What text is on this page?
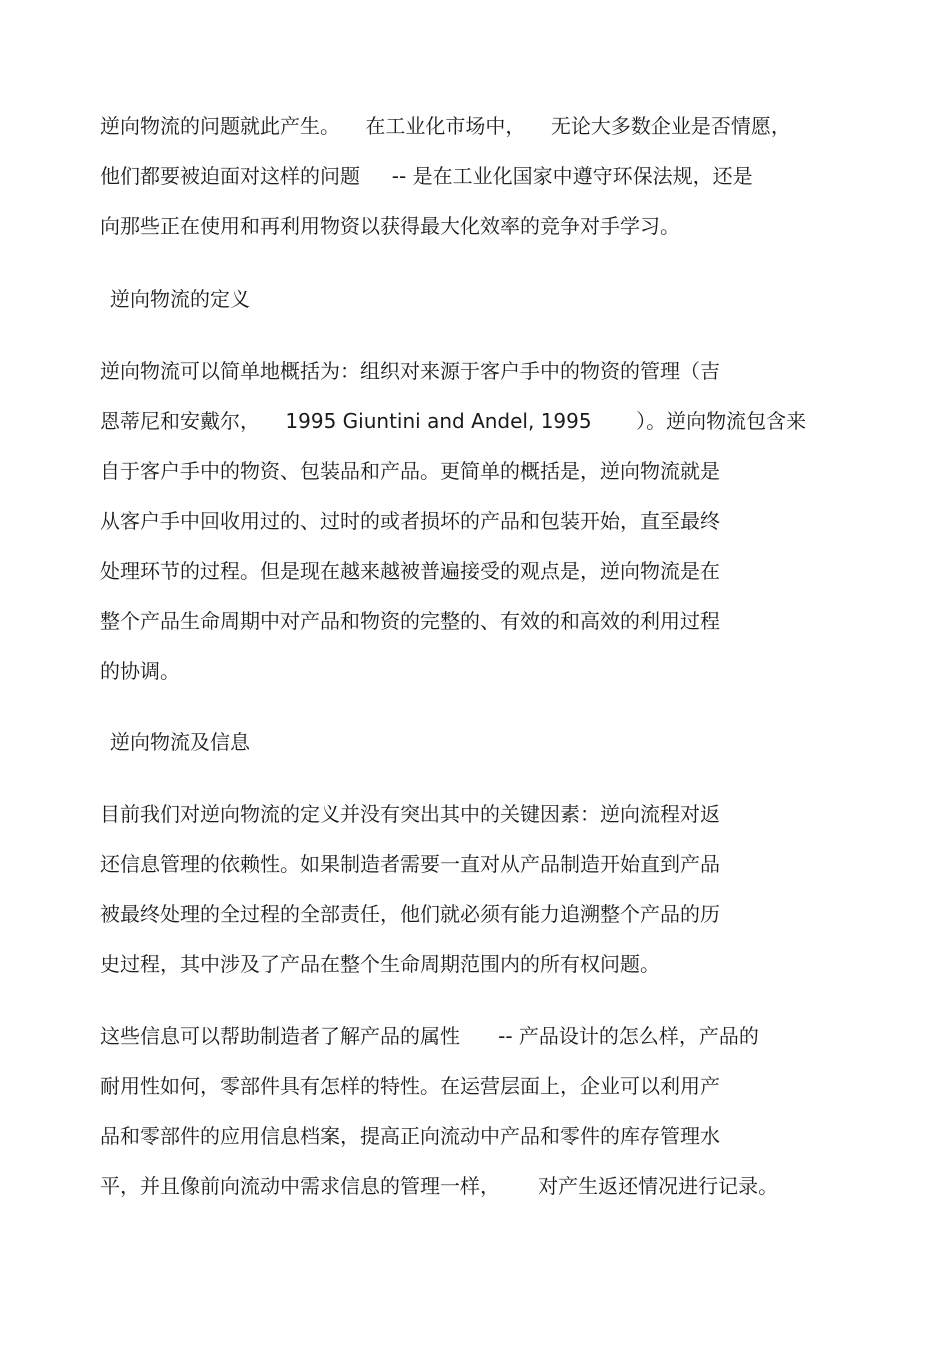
逆向物流的问题就此产生。    在工业化市场中，    无论大多数企业是否情愿，
他们都要被迫面对这样的问题     -- 是在工业化国家中遵守环保法规，还是
向那些正在使用和再利用物资以获得最大化效率的竞争对手学习。
逆向物流的定义
逆向物流可以简单地概括为：组织对来源于客户手中的物资的管理（吉
恩蒂尼和安戴尔，    1995 Giuntini and Andel, 1995       ）。逆向物流包含来
自于客户手中的物资、包装品和产品。更简单的概括是，逆向物流就是
从客户手中回收用过的、过时的或者损坏的产品和包装开始，直至最终
处理环节的过程。但是现在越来越被普遍接受的观点是，逆向物流是在
整个产品生命周期中对产品和物资的完整的、有效的和高效的利用过程
的协调。
逆向物流及信息
目前我们对逆向物流的定义并没有突出其中的关键因素：逆向流程对返
还信息管理的依赖性。如果制造者需要一直对从产品制造开始直到产品
被最终处理的全过程的全部责任，他们就必须有能力追溯整个产品的历
史过程，其中涉及了产品在整个生命周期范围内的所有权问题。
这些信息可以帮助制造者了解产品的属性      -- 产品设计的怎么样，产品的
耐用性如何，零部件具有怎样的特性。在运营层面上，企业可以利用产
品和零部件的应用信息档案，提高正向流动中产品和零件的库存管理水
平，并且像前向流动中需求信息的管理一样，      对产生返还情况进行记录。
